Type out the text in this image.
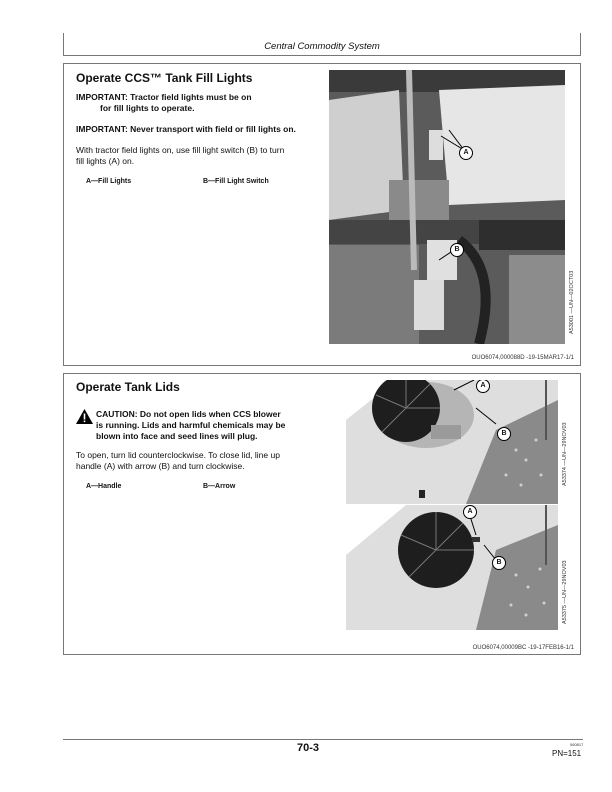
Central Commodity System
Operate CCS™ Tank Fill Lights
IMPORTANT: Tractor field lights must be on
for fill lights to operate.
IMPORTANT: Never transport with field or fill lights on.
With tractor field lights on, use fill light switch (B) to turn
fill lights (A) on.
A—Fill Lights	B—Fill Light Switch
A
B
A53001 —UN—02OCT03
OUO6074,000088D -19-15MAR17-1/1
Operate Tank Lids
CAUTION: Do not open lids when CCS blower
is running. Lids and harmful chemicals may be
blown into face and seed lines will plug.
To open, turn lid counterclockwise. To close lid, line up
handle (A) with arrow (B) and turn clockwise.
A—Handle	B—Arrow
A
B	A53374 —UN—29NOV03
A
B	A53375 —UN—29NOV03
OUO6074,00009BC -19-17FEB16-1/1
70-3	060817
PN=151
